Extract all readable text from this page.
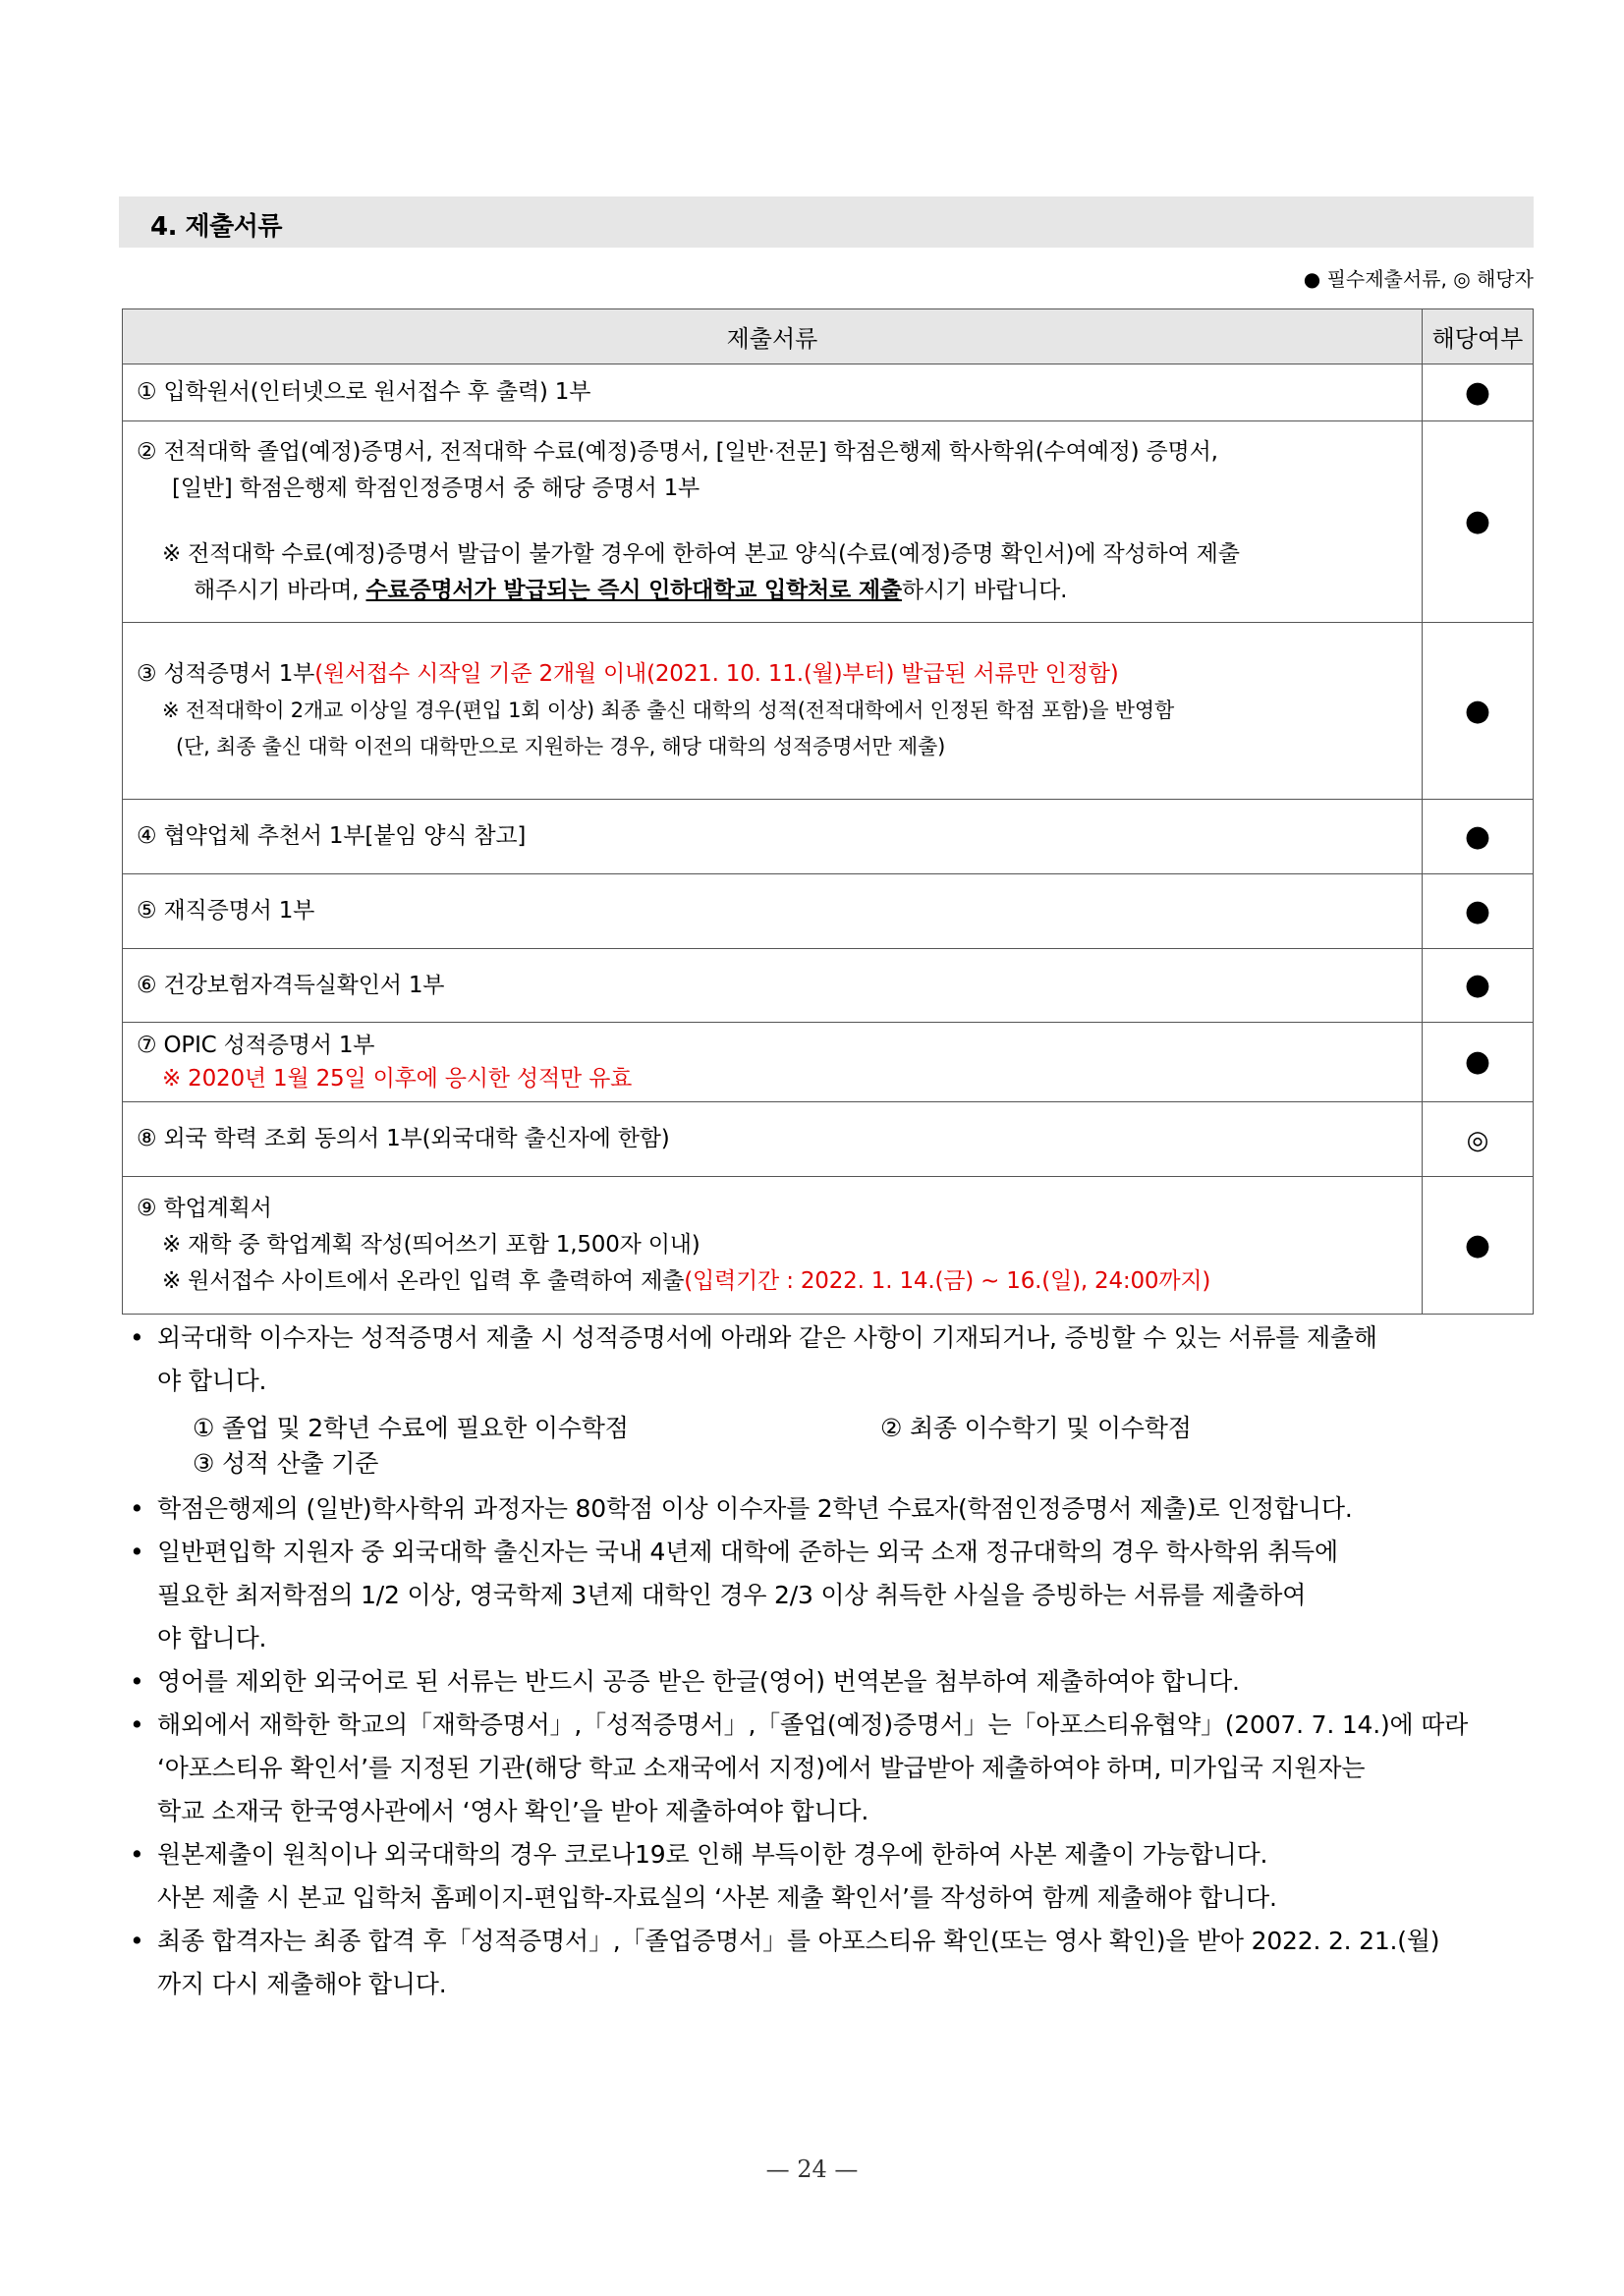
4. 제출서류
● 필수제출서류, ◎ 해당자
제출서류	해당여부

① 입학원서(인터넷으로 원서접수 후 출력) 1부	●

② 전적대학 졸업(예정)증명서, 전적대학 수료(예정)증명서, [일반·전문] 학점은행제 학사학위(수여예정) 증명서,
[일반] 학점은행제 학점인정증명서 중 해당 증명서 1부
※ 전적대학 수료(예정)증명서 발급이 불가할 경우에 한하여 본교 양식(수료(예정)증명 확인서)에 작성하여 제출
해주시기 바라며, 수료증명서가 발급되는 즉시 인하대학교 입학처로 제출하시기 바랍니다.	●

③ 성적증명서 1부(원서접수 시작일 기준 2개월 이내(2021. 10. 11.(월)부터) 발급된 서류만 인정함)
※ 전적대학이 2개교 이상일 경우(편입 1회 이상) 최종 출신 대학의 성적(전적대학에서 인정된 학점 포함)을 반영함
(단, 최종 출신 대학 이전의 대학만으로 지원하는 경우, 해당 대학의 성적증명서만 제출)	●

④ 협약업체 추천서 1부[붙임 양식 참고]	●

⑤ 재직증명서 1부	●

⑥ 건강보험자격득실확인서 1부	●

⑦ OPIC 성적증명서 1부
※ 2020년 1월 25일 이후에 응시한 성적만 유효	●

⑧ 외국 학력 조회 동의서 1부(외국대학 출신자에 한함)	◎

⑨ 학업계획서
※ 재학 중 학업계획 작성(띄어쓰기 포함 1,500자 이내)
※ 원서접수 사이트에서 온라인 입력 후 출력하여 제출(입력기간 : 2022. 1. 14.(금) ~ 16.(일), 24:00까지)	●
• 외국대학 이수자는 성적증명서 제출 시 성적증명서에 아래와 같은 사항이 기재되거나, 증빙할 수 있는 서류를 제출해
야 합니다.
① 졸업 및 2학년 수료에 필요한 이수학점	② 최종 이수학기 및 이수학점
③ 성적 산출 기준
• 학점은행제의 (일반)학사학위 과정자는 80학점 이상 이수자를 2학년 수료자(학점인정증명서 제출)로 인정합니다.
• 일반편입학 지원자 중 외국대학 출신자는 국내 4년제 대학에 준하는 외국 소재 정규대학의 경우 학사학위 취득에
필요한 최저학점의 1/2 이상, 영국학제 3년제 대학인 경우 2/3 이상 취득한 사실을 증빙하는 서류를 제출하여
야 합니다.
• 영어를 제외한 외국어로 된 서류는 반드시 공증 받은 한글(영어) 번역본을 첨부하여 제출하여야 합니다.
• 해외에서 재학한 학교의「재학증명서」,「성적증명서」,「졸업(예정)증명서」는「아포스티유협약」(2007. 7. 14.)에 따라
‘아포스티유 확인서’를 지정된 기관(해당 학교 소재국에서 지정)에서 발급받아 제출하여야 하며, 미가입국 지원자는
학교 소재국 한국영사관에서 ‘영사 확인’을 받아 제출하여야 합니다.
• 원본제출이 원칙이나 외국대학의 경우 코로나19로 인해 부득이한 경우에 한하여 사본 제출이 가능합니다.
사본 제출 시 본교 입학처 홈페이지-편입학-자료실의 ‘사본 제출 확인서’를 작성하여 함께 제출해야 합니다.
• 최종 합격자는 최종 합격 후「성적증명서」,「졸업증명서」를 아포스티유 확인(또는 영사 확인)을 받아 2022. 2. 21.(월)
까지 다시 제출해야 합니다.
— 24 —
